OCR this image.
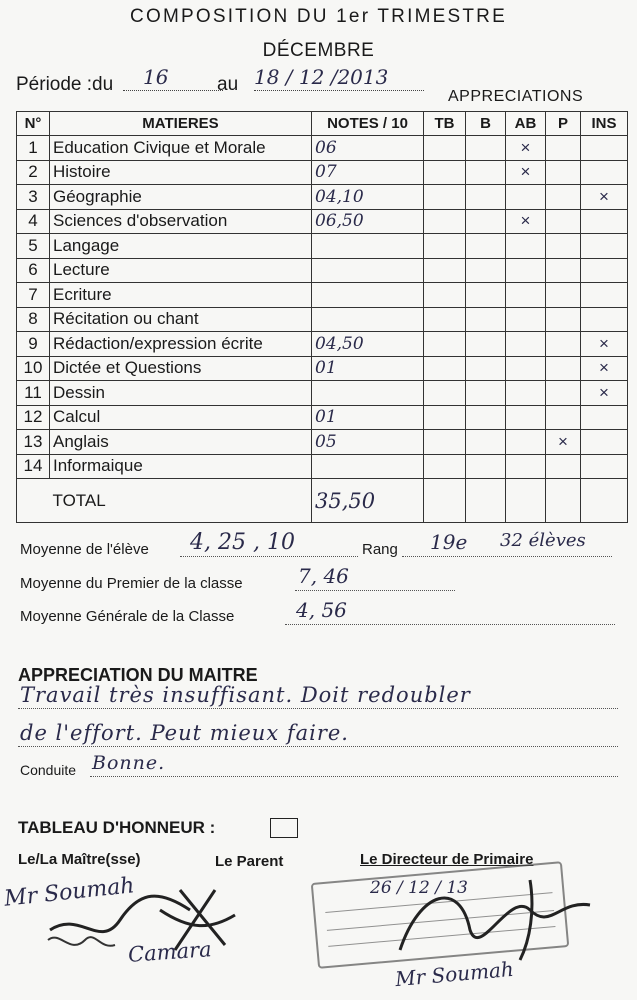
COMPOSITION DU 1er TRIMESTRE
DÉCEMBRE
Période :du	16	au 18 / 12 /2013
APPRECIATIONS
N°	MATIERES	NOTES / 10	TB	B	AB	P	INS
1	Education Civique et Morale	06			×		
2	Histoire	07			×		
3	Géographie	04,10					×
4	Sciences d'observation	06,50			×		
5	Langage						
6	Lecture						
7	Ecriture						
8	Récitation ou chant						
9	Rédaction/expression écrite	04,50					×
10	Dictée et Questions	01					×
11	Dessin						×
12	Calcul	01					
13	Anglais	05				×	
14	Informaique						
	TOTAL	35,50					
Moyenne de l'élève 4, 25 , 10	Rang 19e 32 élèves
Moyenne du Premier de la classe	7, 46
Moyenne Générale de la Classe	4, 56
APPRECIATION DU MAITRE
Travail très insuffisant. Doit redoubler
de l'effort. Peut mieux faire.
Conduite Bonne.
TABLEAU D'HONNEUR :
Le/La Maître(sse)	Le Parent	Le Directeur de Primaire
Mr Soumah
Camara
26 / 12 / 13
Mr Soumah
